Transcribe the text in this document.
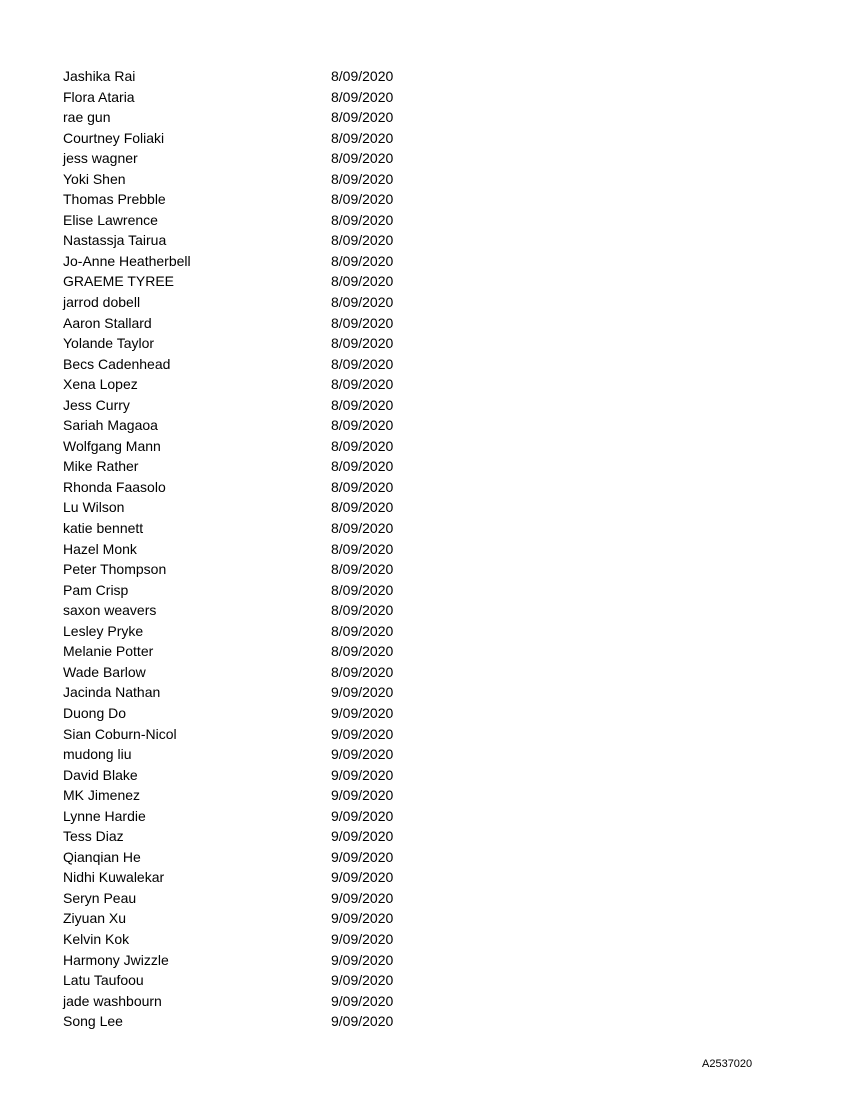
Jashika Rai	8/09/2020
Flora Ataria	8/09/2020
rae gun	8/09/2020
Courtney Foliaki	8/09/2020
jess wagner	8/09/2020
Yoki Shen	8/09/2020
Thomas Prebble	8/09/2020
Elise Lawrence	8/09/2020
Nastassja Tairua	8/09/2020
Jo-Anne Heatherbell	8/09/2020
GRAEME TYREE	8/09/2020
jarrod dobell	8/09/2020
Aaron Stallard	8/09/2020
Yolande Taylor	8/09/2020
Becs Cadenhead	8/09/2020
Xena Lopez	8/09/2020
Jess Curry	8/09/2020
Sariah Magaoa	8/09/2020
Wolfgang Mann	8/09/2020
Mike Rather	8/09/2020
Rhonda Faasolo	8/09/2020
Lu Wilson	8/09/2020
katie bennett	8/09/2020
Hazel Monk	8/09/2020
Peter Thompson	8/09/2020
Pam Crisp	8/09/2020
saxon weavers	8/09/2020
Lesley Pryke	8/09/2020
Melanie Potter	8/09/2020
Wade Barlow	8/09/2020
Jacinda Nathan	9/09/2020
Duong Do	9/09/2020
Sian Coburn-Nicol	9/09/2020
mudong liu	9/09/2020
David Blake	9/09/2020
MK Jimenez	9/09/2020
Lynne Hardie	9/09/2020
Tess Diaz	9/09/2020
Qianqian He	9/09/2020
Nidhi Kuwalekar	9/09/2020
Seryn Peau	9/09/2020
Ziyuan Xu	9/09/2020
Kelvin Kok	9/09/2020
Harmony Jwizzle	9/09/2020
Latu Taufoou	9/09/2020
jade washbourn	9/09/2020
Song Lee	9/09/2020
A2537020
